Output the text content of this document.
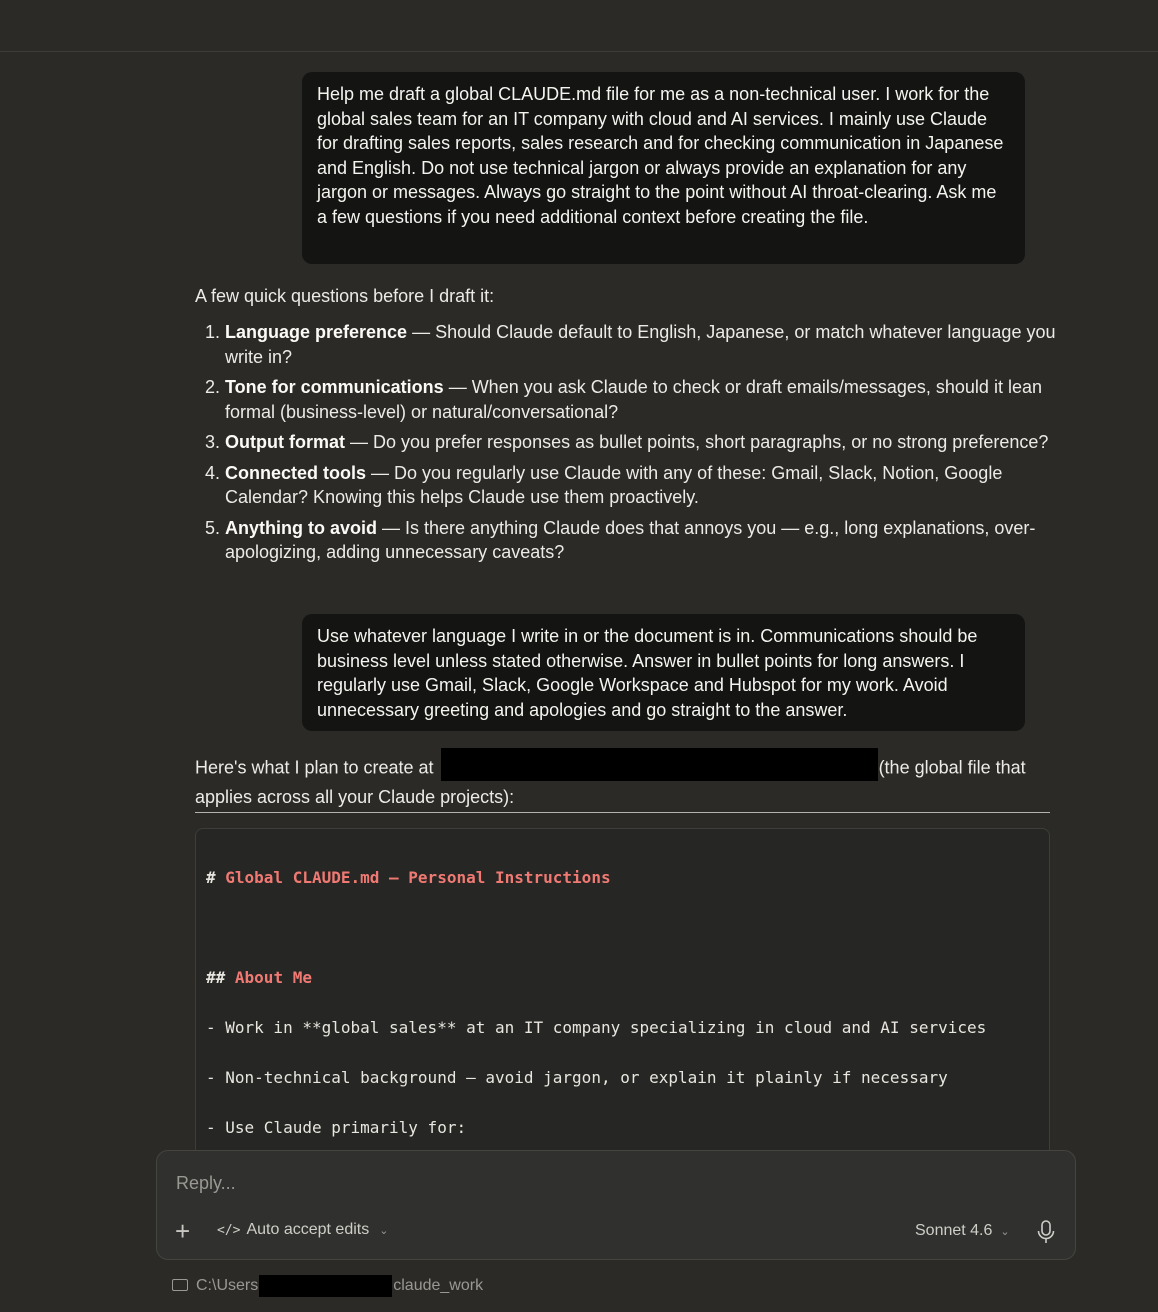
Help me draft a global CLAUDE.md file for me as a non-technical user. I work for the global sales team for an IT company with cloud and AI services. I mainly use Claude for drafting sales reports, sales research and for checking communication in Japanese and English. Do not use technical jargon or always provide an explanation for any jargon or messages. Always go straight to the point without AI throat-clearing. Ask me a few questions if you need additional context before creating the file.
A few quick questions before I draft it:
1. Language preference — Should Claude default to English, Japanese, or match whatever language you write in?
2. Tone for communications — When you ask Claude to check or draft emails/messages, should it lean formal (business-level) or natural/conversational?
3. Output format — Do you prefer responses as bullet points, short paragraphs, or no strong preference?
4. Connected tools — Do you regularly use Claude with any of these: Gmail, Slack, Notion, Google Calendar? Knowing this helps Claude use them proactively.
5. Anything to avoid — Is there anything Claude does that annoys you — e.g., long explanations, over-apologizing, adding unnecessary caveats?
Use whatever language I write in or the document is in. Communications should be business level unless stated otherwise. Answer in bullet points for long answers. I regularly use Gmail, Slack, Google Workspace and Hubspot for my work. Avoid unnecessary greeting and apologies and go straight to the answer.
Here's what I plan to create at	(the global file that applies across all your Claude projects):

# Global CLAUDE.md — Personal Instructions

## About Me

- Work in **global sales** at an IT company specializing in cloud and AI services

- Non-technical background — avoid jargon, or explain it plainly if necessary

- Use Claude primarily for:

Reply...
+ </> Auto accept edits ⌄	Sonnet 4.6 ⌄
C:\Users	claude_work
